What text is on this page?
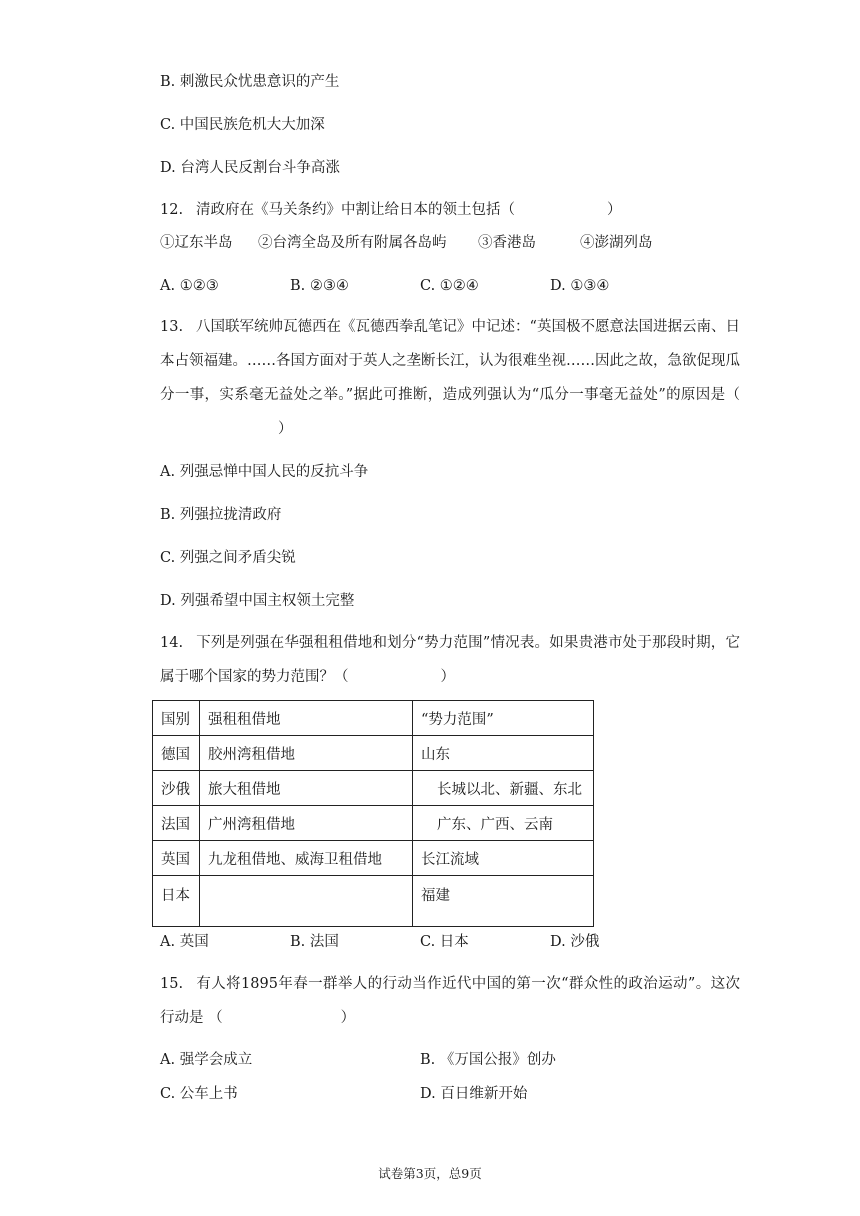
B. 刺激民众忧患意识的产生
C. 中国民族危机大大加深
D. 台湾人民反割台斗争高涨
12. 清政府在《马关条约》中割让给日本的领土包括（	）
①辽东半岛 ②台湾全岛及所有附属各岛屿 ③香港岛	④澎湖列岛
A. ①②③	B. ②③④	C. ①②④	D. ①③④
13. 八国联军统帅瓦德西在《瓦德西拳乱笔记》中记述：“英国极不愿意法国进据云南、日本占领福建。……各国方面对于英人之垄断长江，认为很难坐视……因此之故，急欲促现瓜分一事，实系毫无益处之举。”据此可推断，造成列强认为“瓜分一事毫无益处”的原因是（）
A. 列强忌惮中国人民的反抗斗争
B. 列强拉拢清政府
C. 列强之间矛盾尖锐
D. 列强希望中国主权领土完整
14. 下列是列强在华强租租借地和划分“势力范围”情况表。如果贵港市处于那段时期，它属于哪个国家的势力范围？（	）
国别	强租租借地	“势力范围”
德国	胶州湾租借地	山东
沙俄	旅大租借地	长城以北、新疆、东北
法国	广州湾租借地	广东、广西、云南
英国	九龙租借地、威海卫租借地	长江流域
日本		福建
A. 英国	B. 法国	C. 日本	D. 沙俄
15. 有人将1895年春一群举人的行动当作近代中国的第一次“群众性的政治运动”。这次行动是 （	）
A. 强学会成立	B. 《万国公报》创办
C. 公车上书	D. 百日维新开始
试卷第3页，总9页
